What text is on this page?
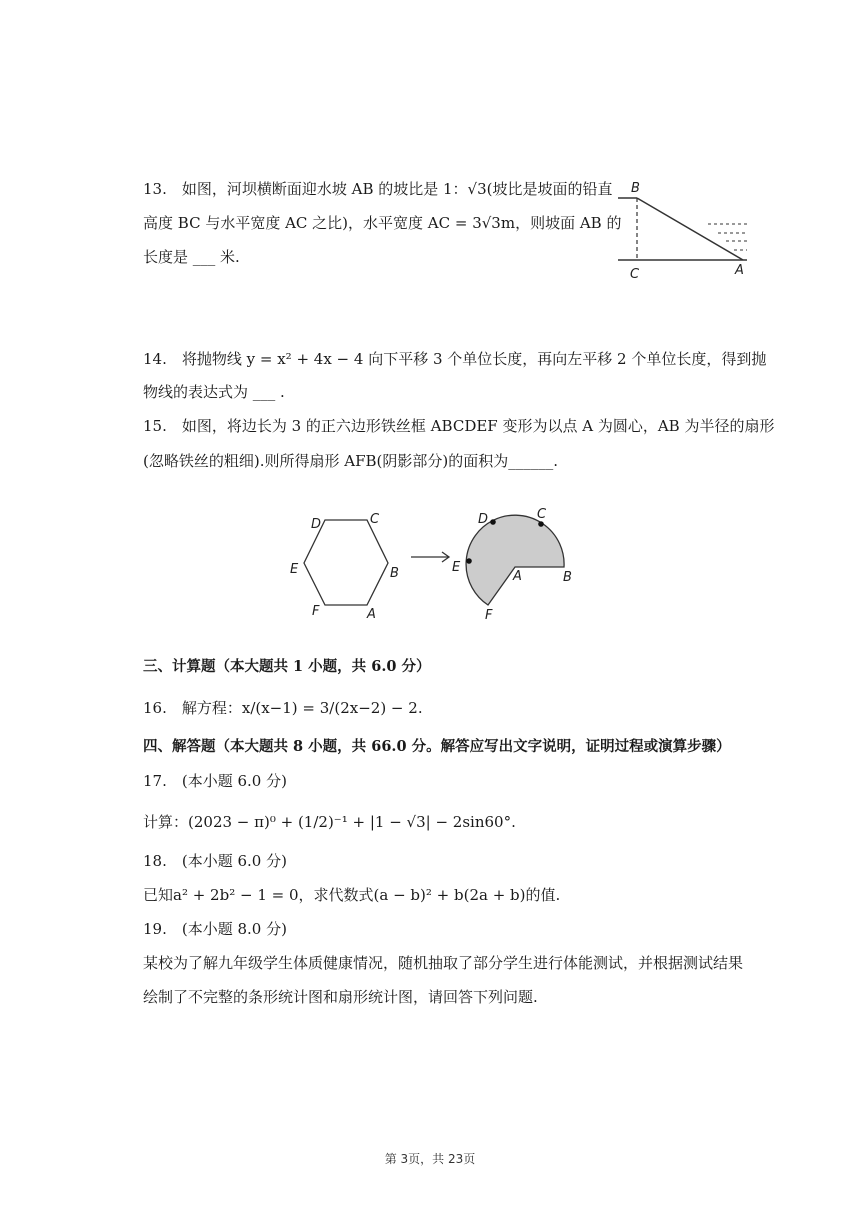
13.　如图，河坝横断面迎水坡 AB 的坡比是 1：√3(坡比是坡面的铅直
高度 BC 与水平宽度 AC 之比)，水平宽度 AC = 3√3m，则坡面 AB 的
长度是 ___ 米.
B
C	A
14.　将抛物线 y = x² + 4x − 4 向下平移 3 个单位长度，再向左平移 2 个单位长度，得到抛
物线的表达式为 ___ .
15.　如图，将边长为 3 的正六边形铁丝框 ABCDEF 变形为以点 A 为圆心，AB 为半径的扇形
(忽略铁丝的粗细).则所得扇形 AFB(阴影部分)的面积为______.
D	C
E	B
F	A
D	C
E
A	B
F
三、计算题（本大题共 1 小题，共 6.0 分）
16.　解方程：x/(x−1) = 3/(2x−2) − 2.
四、解答题（本大题共 8 小题，共 66.0 分。解答应写出文字说明，证明过程或演算步骤）
17.　(本小题 6.0 分)
计算：(2023 − π)⁰ + (1/2)⁻¹ + |1 − √3| − 2sin60°.
18.　(本小题 6.0 分)
已知a² + 2b² − 1 = 0，求代数式(a − b)² + b(2a + b)的值.
19.　(本小题 8.0 分)
某校为了解九年级学生体质健康情况，随机抽取了部分学生进行体能测试，并根据测试结果
绘制了不完整的条形统计图和扇形统计图，请回答下列问题.
第 3页，共 23页
